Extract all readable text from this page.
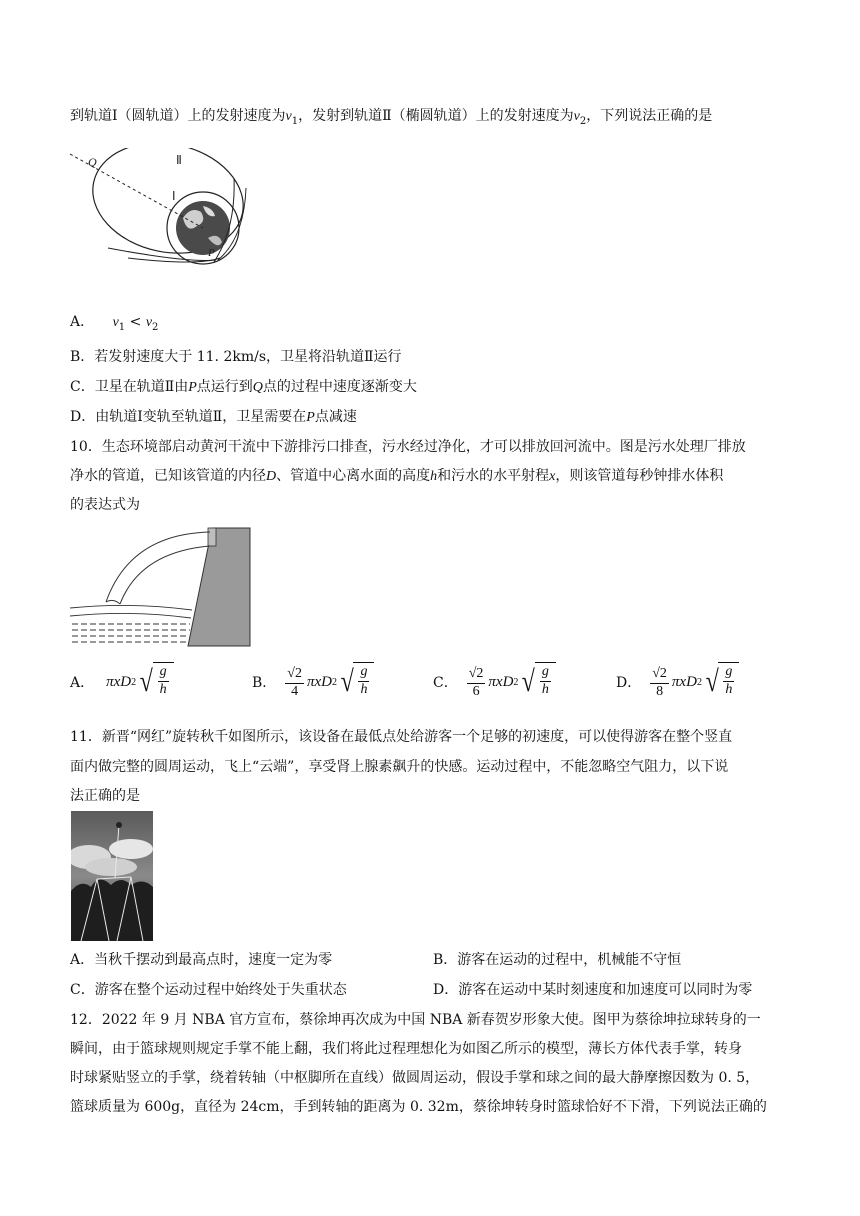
到轨道Ⅰ（圆轨道）上的发射速度为$v_1$，发射到轨道Ⅱ（椭圆轨道）上的发射速度为$v_2$，下列说法正确的是
Q	Ⅱ
Ⅰ
P
A． $v_1 < v_2$
B．若发射速度大于 11. 2km/s，卫星将沿轨道Ⅱ运行
C．卫星在轨道Ⅱ由P点运行到Q点的过程中速度逐渐变大
D．由轨道Ⅰ变轨至轨道Ⅱ，卫星需要在P点减速
10．生态环境部启动黄河干流中下游排污口排查，污水经过净化，才可以排放回河流中。图是污水处理厂排放
净水的管道，已知该管道的内径D、管道中心离水面的高度h和污水的水平射程x，则该管道每秒钟排水体积
的表达式为
A． πxD 2 √ $\frac{g}{h}$	B． $\frac{√2}{4}$ πxD 2 √ $\frac{g}{h}$	C． $\frac{√2}{6}$ πxD 2 √ $\frac{g}{h}$	D． $\frac{√2}{8}$ πxD 2 √ $\frac{g}{h}$
11．新晋“网红”旋转秋千如图所示，该设备在最低点处给游客一个足够的初速度，可以使得游客在整个竖直
面内做完整的圆周运动，飞上“云端”，享受肾上腺素飙升的快感。运动过程中，不能忽略空气阻力，以下说
法正确的是
A．当秋千摆动到最高点时，速度一定为零	B．游客在运动的过程中，机械能不守恒
C．游客在整个运动过程中始终处于失重状态	D．游客在运动中某时刻速度和加速度可以同时为零
12．2022 年 9 月 NBA 官方宣布，蔡徐坤再次成为中国 NBA 新春贺岁形象大使。图甲为蔡徐坤拉球转身的一
瞬间，由于篮球规则规定手掌不能上翻，我们将此过程理想化为如图乙所示的模型，薄长方体代表手掌，转身
时球紧贴竖立的手掌，绕着转轴（中枢脚所在直线）做圆周运动，假设手掌和球之间的最大静摩擦因数为 0. 5，
篮球质量为 600g，直径为 24cm，手到转轴的距离为 0. 32m，蔡徐坤转身时篮球恰好不下滑，下列说法正确的
